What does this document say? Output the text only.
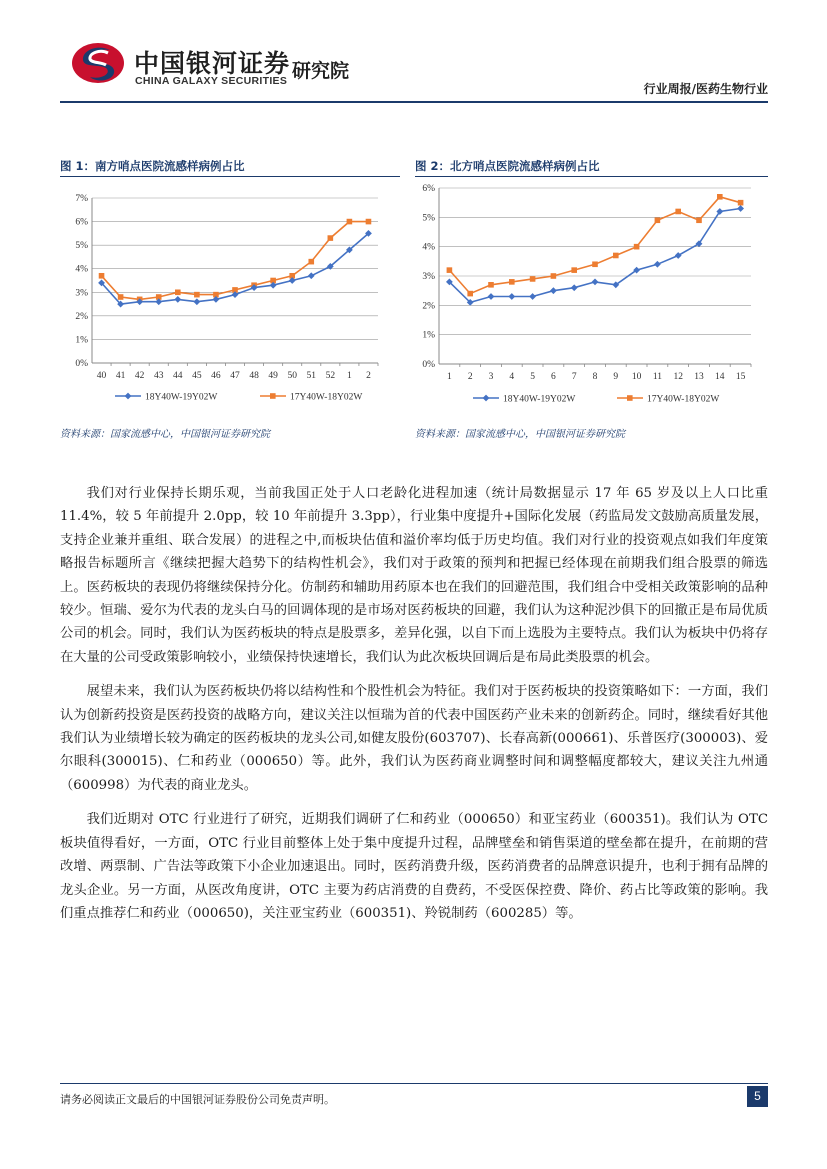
中国银河证券
CHINA GALAXY SECURITIES 研究院
行业周报/医药生物行业
图 1：南方哨点医院流感样病例占比
0%
1%
2%
3%
4%
5%
6%
7%
40 41 42 43 44 45 46 47 48 49 50 51 52 1 2
18Y40W-19Y02W	17Y40W-18Y02W
资料来源：国家流感中心，中国银河证券研究院
图 2：北方哨点医院流感样病例占比
0%
1%
2%
3%
4%
5%
6%
1 2 3 4 5 6 7 8 9 10 11 12 13 14 15
18Y40W-19Y02W	17Y40W-18Y02W
资料来源：国家流感中心，中国银河证券研究院

我们对行业保持长期乐观，当前我国正处于人口老龄化进程加速（统计局数据显示 17 年 65 岁及以上人口比重 11.4%，较 5 年前提升 2.0pp，较 10 年前提升 3.3pp），行业集中度提升+国际化发展（药监局发文鼓励高质量发展，支持企业兼并重组、联合发展）的进程之中,而板块估值和溢价率均低于历史均值。我们对行业的投资观点如我们年度策略报告标题所言《继续把握大趋势下的结构性机会》，我们对于政策的预判和把握已经体现在前期我们组合股票的筛选上。医药板块的表现仍将继续保持分化。仿制药和辅助用药原本也在我们的回避范围，我们组合中受相关政策影响的品种较少。恒瑞、爱尔为代表的龙头白马的回调体现的是市场对医药板块的回避，我们认为这种泥沙俱下的回撤正是布局优质公司的机会。同时，我们认为医药板块的特点是股票多，差异化强，以自下而上选股为主要特点。我们认为板块中仍将存在大量的公司受政策影响较小，业绩保持快速增长，我们认为此次板块回调后是布局此类股票的机会。

展望未来，我们认为医药板块仍将以结构性和个股性机会为特征。我们对于医药板块的投资策略如下：一方面，我们认为创新药投资是医药投资的战略方向，建议关注以恒瑞为首的代表中国医药产业未来的创新药企。同时，继续看好其他我们认为业绩增长较为确定的医药板块的龙头公司,如健友股份(603707)、长春高新(000661)、乐普医疗(300003)、爱尔眼科(300015)、仁和药业（000650）等。此外，我们认为医药商业调整时间和调整幅度都较大，建议关注九州通（600998）为代表的商业龙头。

我们近期对 OTC 行业进行了研究，近期我们调研了仁和药业（000650）和亚宝药业（600351)。我们认为 OTC 板块值得看好，一方面，OTC 行业目前整体上处于集中度提升过程，品牌壁垒和销售渠道的壁垒都在提升，在前期的营改增、两票制、广告法等政策下小企业加速退出。同时，医药消费升级，医药消费者的品牌意识提升，也利于拥有品牌的龙头企业。另一方面，从医改角度讲，OTC 主要为药店消费的自费药，不受医保控费、降价、药占比等政策的影响。我们重点推荐仁和药业（000650)，关注亚宝药业（600351)、羚锐制药（600285）等。

请务必阅读正文最后的中国银河证券股份公司免责声明。	5
